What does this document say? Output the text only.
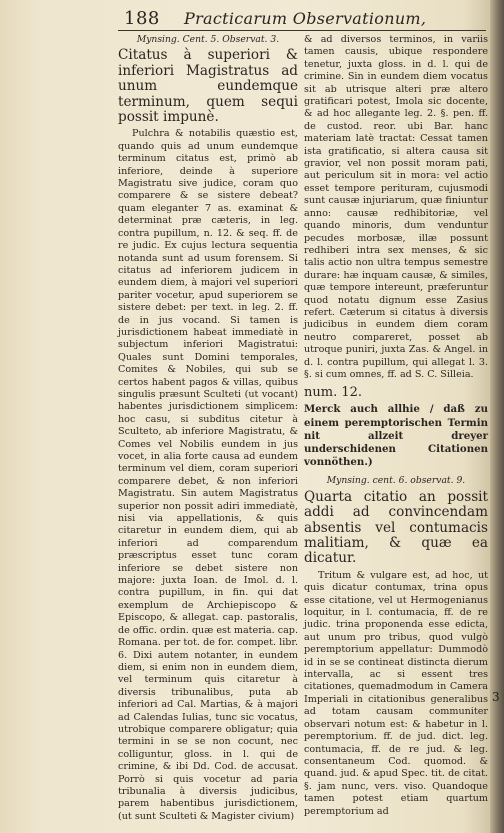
3
188 Practicarum Observationum,

Mynsing. Cent. 5. Observat. 3.

Citatus à superiori & inferiori Magistratus ad unum eundemque terminum, quem sequi possit impunè.

Pulchra & notabilis quæstio est, quando quis ad unum eundemque terminum citatus est, primò ab inferiore, deinde à superiore Magistratu sive judice, coram quo comparere & se sistere debeat? quam eleganter 7 as. examinat & determinat præ cæteris, in leg. contra pupillum, n. 12. & seq. ff. de re judic. Ex cujus lectura sequentia notanda sunt ad usum forensem. Si citatus ad inferiorem judicem in eundem diem, à majori vel superiori pariter vocetur, apud superiorem se sistere debet: per text. in leg. 2. ff. de in jus vocand. Si tamen is jurisdictionem habeat immediatè in subjectum inferiori Magistratui: Quales sunt Domini temporales, Comites & Nobiles, qui sub se certos habent pagos & villas, quibus singulis præsunt Sculteti (ut vocant) habentes jurisdictionem simplicem: hoc casu, si subditus citetur à Sculteto, ab inferiore Magistratu, & Comes vel Nobilis eundem in jus vocet, in alia forte causa ad eundem terminum vel diem, coram superiori comparere debet, & non inferiori Magistratu. Sin autem Magistratus superior non possit adiri immediatè, nisi via appellationis, & quis citaretur in eundem diem, qui ab inferiori ad comparendum præscriptus esset tunc coram inferiore se debet sistere non majore: juxta Ioan. de Imol. d. l. contra pupillum, in fin. qui dat exemplum de Archiepiscopo & Episcopo, & allegat. cap. pastoralis, de offic. ordin. quæ est materia. cap. Romana. per tot. de for. compet. libr. 6. Dixi autem notanter, in eundem diem, si enim non in eundem diem, vel terminum quis citaretur à diversis tribunalibus, puta ab inferiori ad Cal. Martias, & à majori ad Calendas Iulias, tunc sic vocatus, utrobique comparere obligatur; quia termini in se se non cocunt, nec colliguntur, gloss. in l. qui de crimine, & ibi Dd. Cod. de accusat. Porrò si quis vocetur ad paria tribunalia à diversis judicibus, parem habentibus jurisdictionem, (ut sunt Sculteti & Magister civium)

& ad diversos terminos, in variis tamen causis, ubique respondere tenetur, juxta gloss. in d. l. qui de crimine. Sin in eundem diem vocatus sit ab utrisque alteri præ altero gratificari potest, Imola sic docente, & ad hoc allegante leg. 2. §. pen. ff. de custod. reor. ubi Bar. hanc materiam latè tractat: Cessat tamen ista gratificatio, si altera causa sit gravior, vel non possit moram pati, aut periculum sit in mora: vel actio esset tempore perituram, cujusmodi sunt causæ injuriarum, quæ finiuntur anno: causæ redhibitoriæ, vel quando minoris, dum venduntur pecudes morbosæ, illæ possunt redhiberi intra sex menses, & sic talis actio non ultra tempus semestre durare: hæ inquam causæ, & similes, quæ tempore intereunt, præferuntur quod notatu dignum esse Zasius refert. Cæterum si citatus à diversis judicibus in eundem diem coram neutro compareret, posset ab utroque puniri, juxta Zas. & Angel. in d. l. contra pupillum, qui allegat l. 3. §. si cum omnes, ff. ad S. C. Silleia.

num. 12.

Merck auch allhie / daß zu einem peremptorischen Termin nit allzeit dreyer underschidenen Citationen vonnöthen.)

Mynsing. cent. 6. observat. 9.

Quarta citatio an possit addi ad convincendam absentis vel contumacis malitiam, & quæ ea dicatur.

Tritum & vulgare est, ad hoc, ut quis dicatur contumax, trina opus esse citatione, vel ut Hermogenianus loquitur, in l. contumacia, ff. de re judic. trina proponenda esse edicta, aut unum pro tribus, quod vulgò peremptorium appellatur: Dummodò id in se se contineat distincta dierum intervalla, ac si essent tres citationes, quemadmodum in Camera Imperiali in citationibus generalibus ad totam causam communiter observari notum est: & habetur in l. peremptorium. ff. de jud. dict. leg. contumacia, ff. de re jud. & leg. consentaneum Cod. quomod. & quand. jud. & apud Spec. tit. de citat. §. jam nunc, vers. viso. Quandoque tamen potest etiam quartum peremptorium ad
